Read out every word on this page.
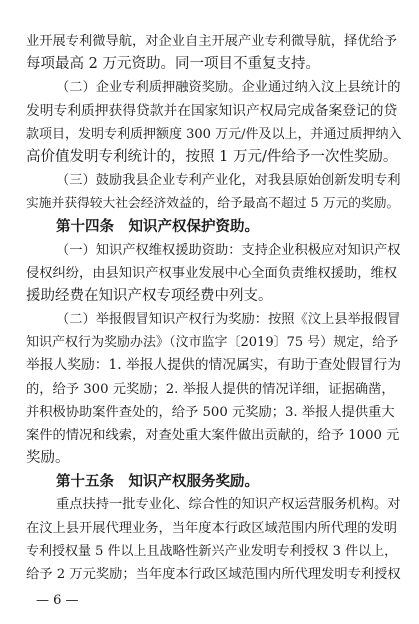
业开展专利微导航，对企业自主开展产业专利微导航，择优给予
每项最高 2 万元资助。同一项目不重复支持。
（二）企业专利质押融资奖励。企业通过纳入汶上县统计的
发明专利质押获得贷款并在国家知识产权局完成备案登记的贷
款项目，发明专利质押额度 300 万元/件及以上，并通过质押纳入
高价值发明专利统计的，按照 1 万元/件给予一次性奖励。
（三）鼓励我县企业专利产业化，对我县原始创新发明专利
实施并获得较大社会经济效益的，给予最高不超过 5 万元的奖励。
第十四条　知识产权保护资助。
（一）知识产权维权援助资助：支持企业积极应对知识产权
侵权纠纷，由县知识产权事业发展中心全面负责维权援助，维权
援助经费在知识产权专项经费中列支。
（二）举报假冒知识产权行为奖励：按照《汶上县举报假冒
知识产权行为奖励办法》（汶市监字〔2019〕75 号）规定，给予
举报人奖励：1. 举报人提供的情况属实，有助于查处假冒行为
的，给予 300 元奖励；2. 举报人提供的情况详细，证据确凿，
并积极协助案件查处的，给予 500 元奖励；3. 举报人提供重大
案件的情况和线索，对查处重大案件做出贡献的，给予 1000 元
奖励。
第十五条　知识产权服务奖励。
重点扶持一批专业化、综合性的知识产权运营服务机构。对
在汶上县开展代理业务，当年度本行政区域范围内所代理的发明
专利授权量 5 件以上且战略性新兴产业发明专利授权 3 件以上，
给予 2 万元奖励；当年度本行政区域范围内所代理发明专利授权
— 6 —
